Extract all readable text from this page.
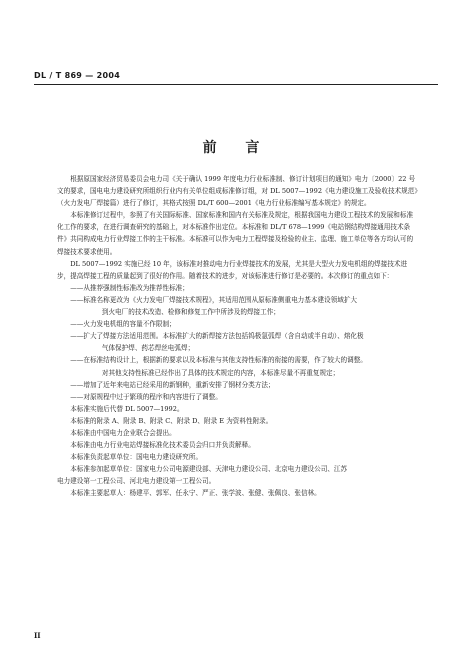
DL / T 869 — 2004
前 言

根据原国家经济贸易委员会电力司《关于确认 1999 年度电力行业标准制、修订计划项目的通知》电力〔2000〕22 号文的要求，国电电力建设研究所组织行业内有关单位组成标准修订组，对 DL 5007—1992《电力建设施工及验收技术规范》（火力发电厂焊接篇）进行了修订，其格式按照 DL/T 600—2001《电力行业标准编写基本规定》的规定。

本标准修订过程中，参照了有关国际标准、国家标准和国内有关标准及规定，根据我国电力建设工程技术的发展和标准化工作的要求，在进行调查研究的基础上，对本标准作出定位。本标准和 DL/T 678—1999《电站钢结构焊接通用技术条件》共同构成电力行业焊接工作的主干标准。本标准可以作为电力工程焊接及检验的业主、监理、施工单位等各方均认可的焊接技术要求使用。

DL 5007—1992 实施已经 10 年，该标准对推动电力行业焊接技术的发展，尤其是大型火力发电机组的焊接技术进步，提高焊接工程的质量起到了很好的作用。随着技术的进步，对该标准进行修订是必要的。本次修订的重点如下：

——从推荐强制性标准改为推荐性标准；

——标准名称更改为《火力发电厂焊接技术规程》，其适用范围从原标准侧重电力基本建设领域扩大

到火电厂的技术改造、检修和修复工作中所涉及的焊接工作；

——火力发电机组的容量不作限制；

——扩大了焊接方法适用范围。本标准扩大的新焊接方法包括钨极氩弧焊（含自动或半自动）、熔化极

气体保护焊、药芯焊丝电弧焊；

——在标准结构设计上，根据新的要求以及本标准与其他支持性标准的衔接的需要，作了较大的调整。

对其他支持性标准已经作出了具体的技术规定的内容，本标准尽量不再重复规定；

——增加了近年来电站已经采用的新钢种，重新安排了钢材分类方法；

——对原规程中过于繁琐的程序和内容进行了调整。

本标准实施后代替 DL 5007—1992。

本标准的附录 A、附录 B、附录 C、附录 D、附录 E 为资料性附录。

本标准由中国电力企业联合会提出。

本标准由电力行业电站焊接标准化技术委员会归口并负责解释。

本标准负责起草单位：国电电力建设研究所。

本标准参加起草单位：国家电力公司电源建设部、天津电力建设公司、北京电力建设公司、江苏

电力建设第一工程公司、河北电力建设第一工程公司。

本标准主要起草人：杨建平、郭军、任永宁、严正、张学波、张健、张佩良、张信林。

II
